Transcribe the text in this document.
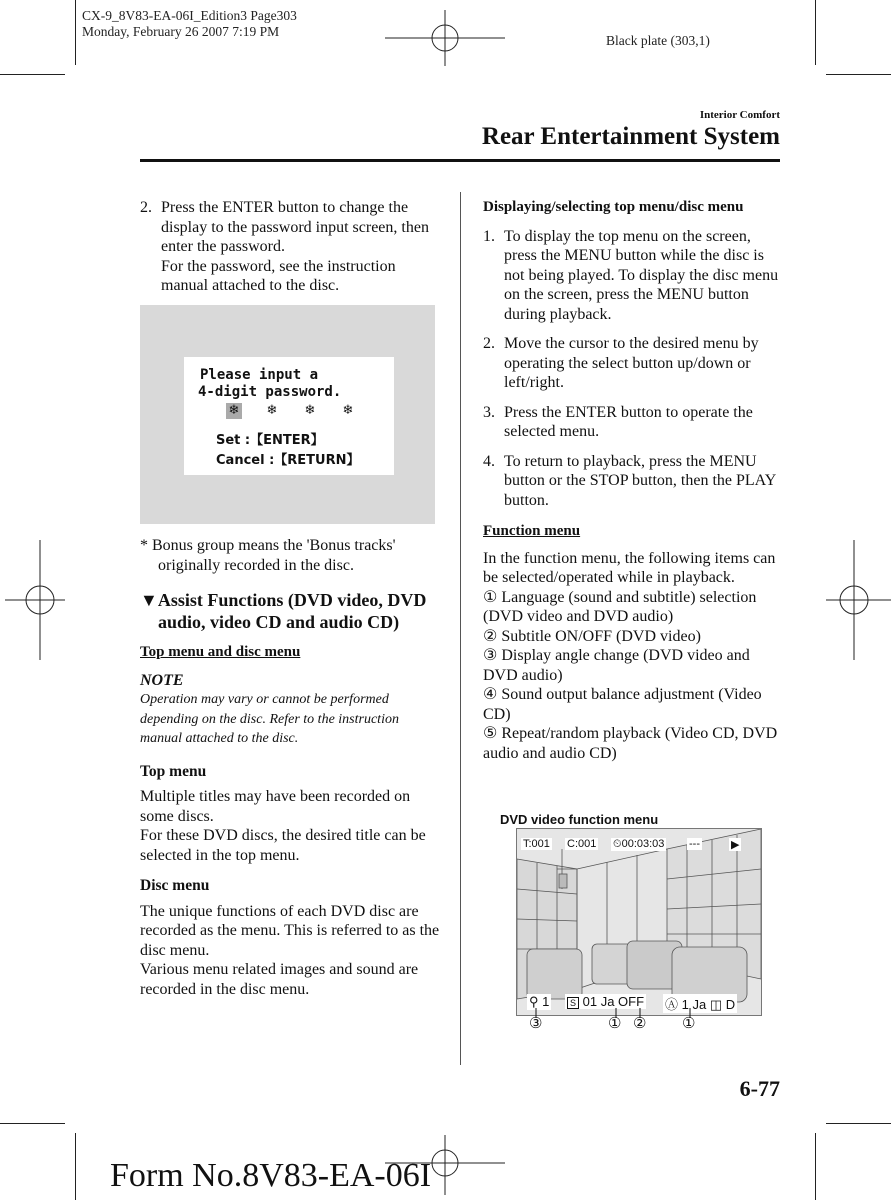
CX-9_8V83-EA-06I_Edition3 Page303
Monday, February 26 2007 7:19 PM
Black plate (303,1)
Interior Comfort
Rear Entertainment System
2. Press the ENTER button to change the display to the password input screen, then enter the password.
For the password, see the instruction manual attached to the disc.
Please input a
4-digit password.
❄ ❄ ❄ ❄
Set :【ENTER】
Cancel :【RETURN】

* Bonus group means the 'Bonus tracks' originally recorded in the disc.

▼Assist Functions (DVD video, DVD audio, video CD and audio CD)

Top menu and disc menu

NOTE

Operation may vary or cannot be performed depending on the disc. Refer to the instruction manual attached to the disc.

Top menu

Multiple titles may have been recorded on some discs.

For these DVD discs, the desired title can be selected in the top menu.

Disc menu

The unique functions of each DVD disc are recorded as the menu. This is referred to as the disc menu.

Various menu related images and sound are recorded in the disc menu.

Displaying/selecting top menu/disc menu

1. To display the top menu on the screen, press the MENU button while the disc is not being played. To display the disc menu on the screen, press the MENU button during playback.
2. Move the cursor to the desired menu by operating the select button up/down or left/right.
3. Press the ENTER button to operate the selected menu.
4. To return to playback, press the MENU button or the STOP button, then the PLAY button.

Function menu

In the function menu, the following items can be selected/operated while in playback.

① Language (sound and subtitle) selection (DVD video and DVD audio)

② Subtitle ON/OFF (DVD video)

③ Display angle change (DVD video and DVD audio)

④ Sound output balance adjustment (Video CD)

⑤ Repeat/random playback (Video CD, DVD audio and audio CD)

DVD video function menu
T:001 C:001 ⏲00:03:03 ---	▶
⚲ 1	S 01 Ja OFF Ⓐ 1 Ja ◫ D
③	① ② ①
6-77
Form No.8V83-EA-06I
